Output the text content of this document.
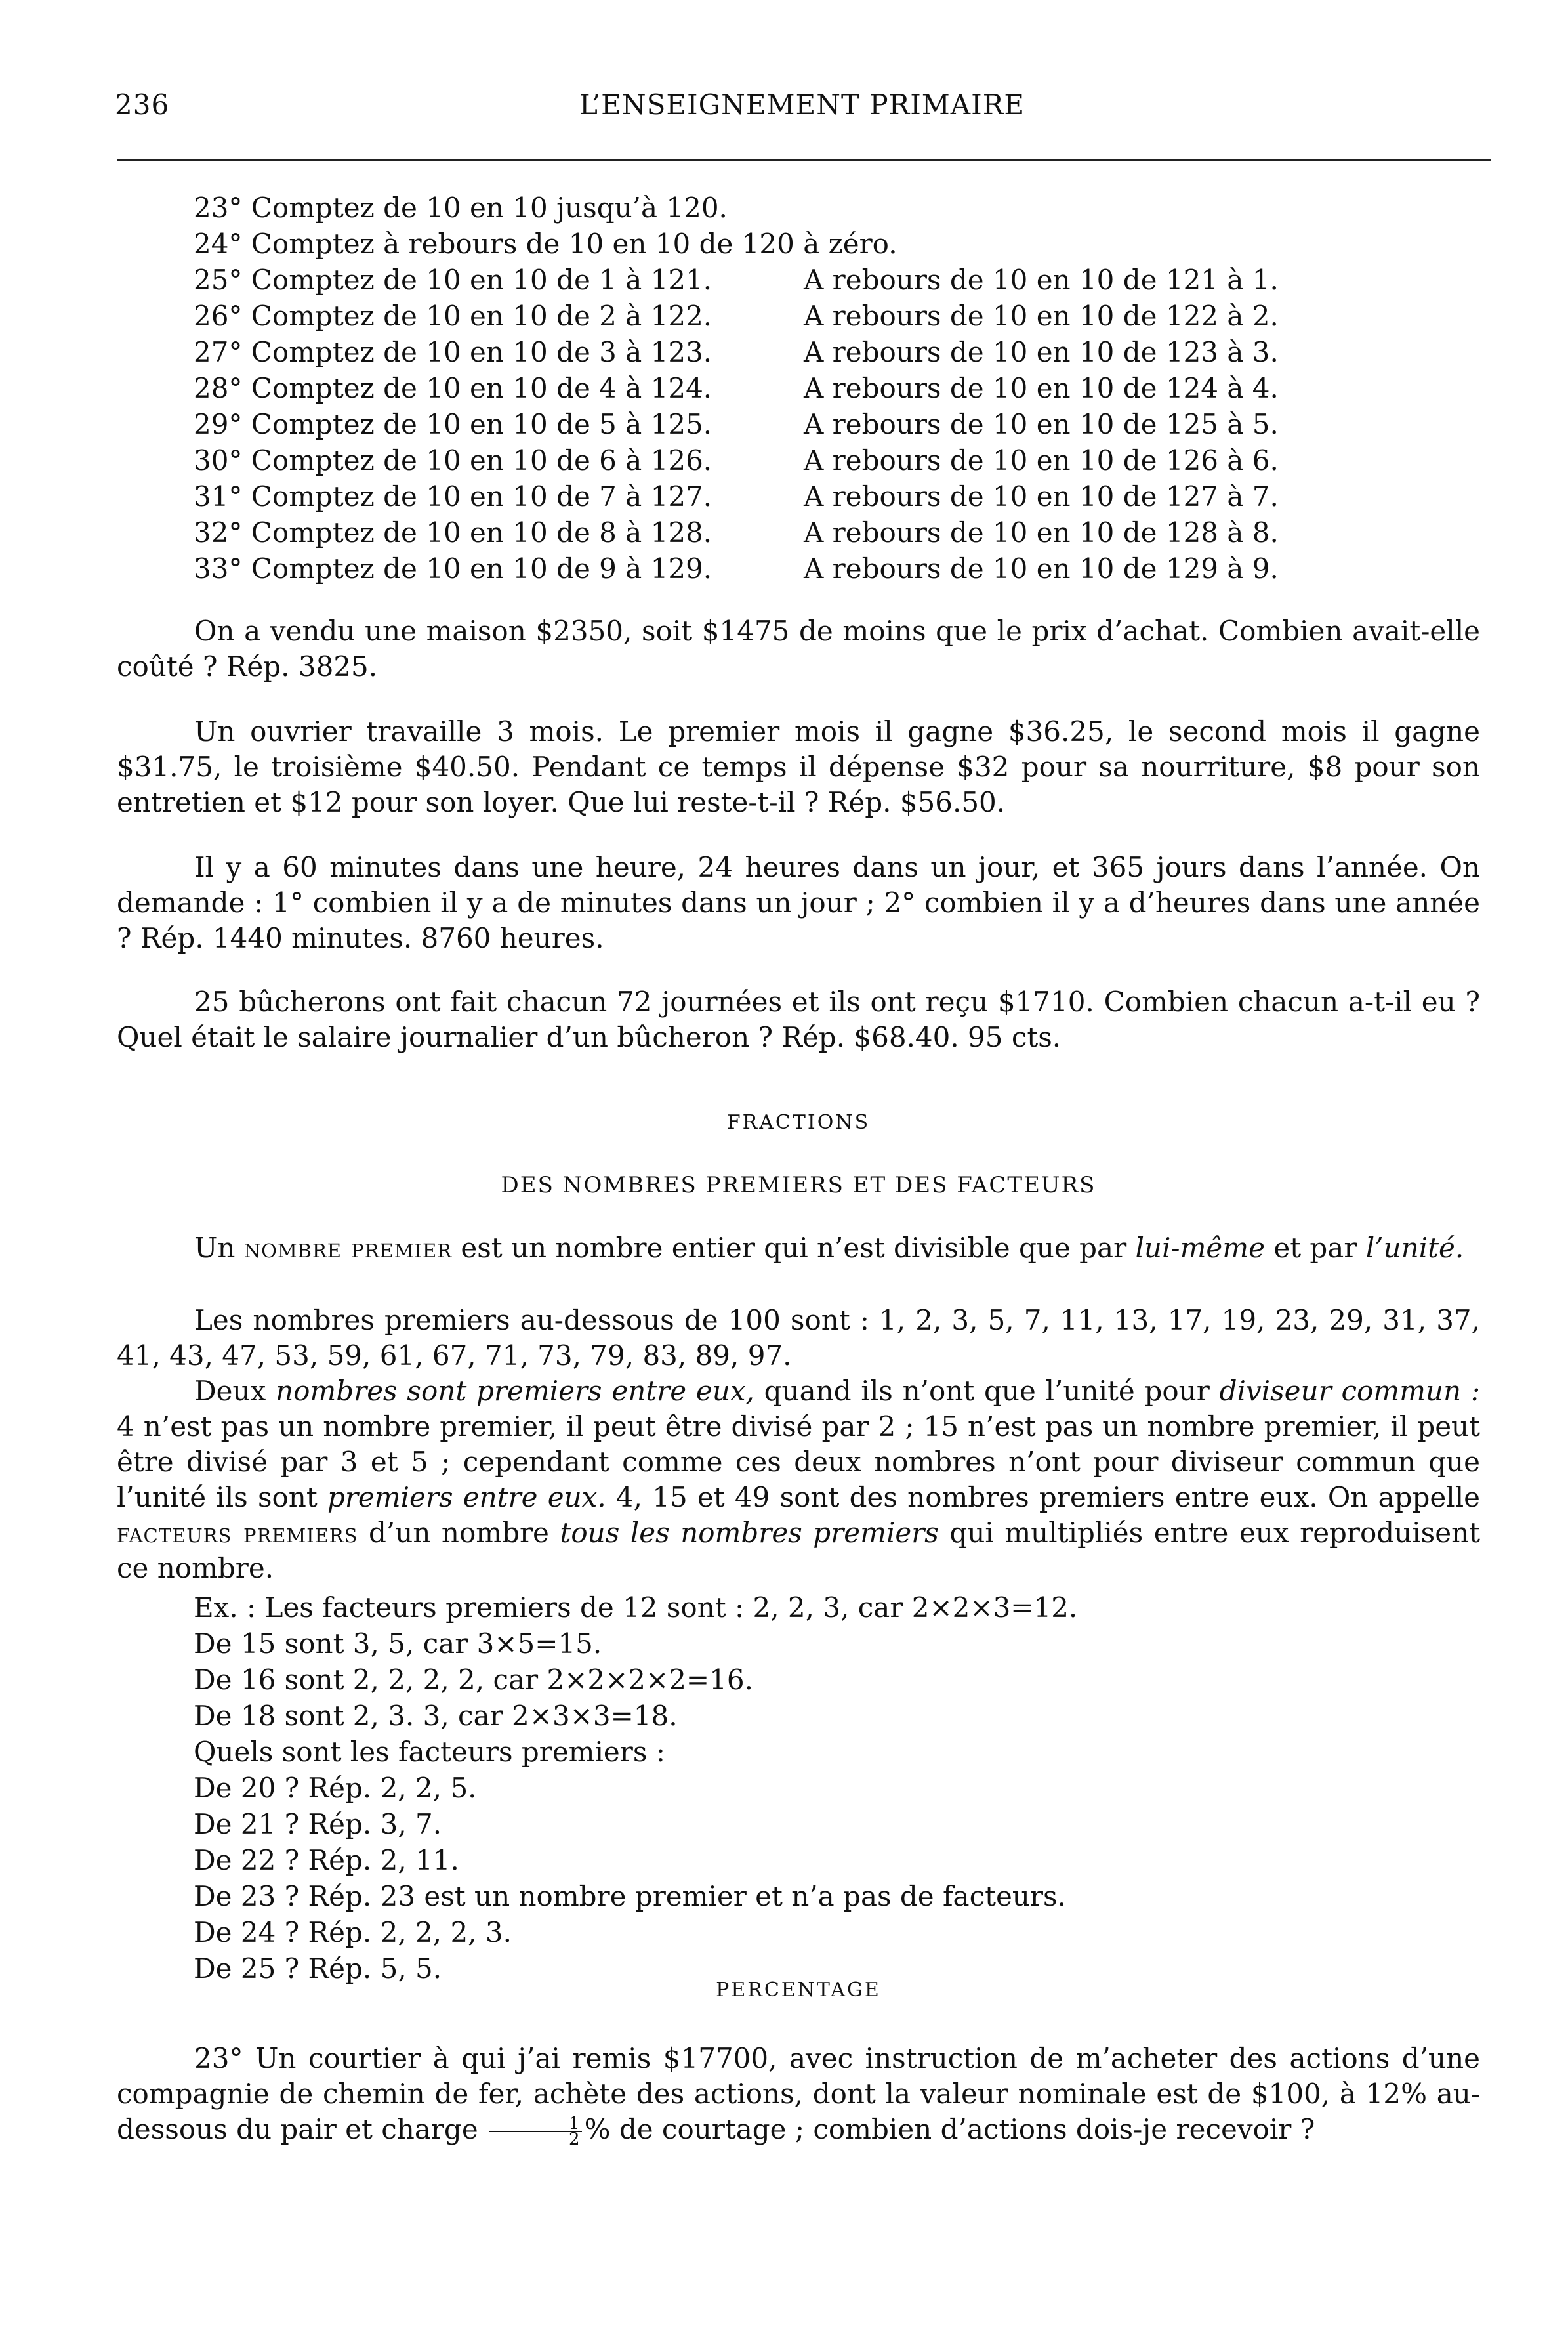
236	L’ENSEIGNEMENT PRIMAIRE
23° Comptez de 10 en 10 jusqu’à 120.
24° Comptez à rebours de 10 en 10 de 120 à zéro.
25° Comptez de 10 en 10 de 1 à 121.	A rebours de 10 en 10 de 121 à 1.
26° Comptez de 10 en 10 de 2 à 122.	A rebours de 10 en 10 de 122 à 2.
27° Comptez de 10 en 10 de 3 à 123.	A rebours de 10 en 10 de 123 à 3.
28° Comptez de 10 en 10 de 4 à 124.	A rebours de 10 en 10 de 124 à 4.
29° Comptez de 10 en 10 de 5 à 125.	A rebours de 10 en 10 de 125 à 5.
30° Comptez de 10 en 10 de 6 à 126.	A rebours de 10 en 10 de 126 à 6.
31° Comptez de 10 en 10 de 7 à 127.	A rebours de 10 en 10 de 127 à 7.
32° Comptez de 10 en 10 de 8 à 128.	A rebours de 10 en 10 de 128 à 8.
33° Comptez de 10 en 10 de 9 à 129.	A rebours de 10 en 10 de 129 à 9.

On a vendu une maison $2350, soit $1475 de moins que le prix d’achat. Combien avait-elle coûté ? Rép. 3825.

Un ouvrier travaille 3 mois. Le premier mois il gagne $36.25, le second mois il gagne $31.75, le troisième $40.50. Pendant ce temps il dépense $32 pour sa nourriture, $8 pour son entretien et $12 pour son loyer. Que lui reste-t-il ? Rép. $56.50.

Il y a 60 minutes dans une heure, 24 heures dans un jour, et 365 jours dans l’année. On demande : 1° combien il y a de minutes dans un jour ; 2° combien il y a d’heures dans une année ? Rép. 1440 minutes. 8760 heures.

25 bûcherons ont fait chacun 72 journées et ils ont reçu $1710. Combien chacun a-t-il eu ? Quel était le salaire journalier d’un bûcheron ? Rép. $68.40. 95 cts.

FRACTIONS
DES NOMBRES PREMIERS ET DES FACTEURS
Un nombre premier est un nombre entier qui n’est divisible que par lui-même et par l’unité.
Les nombres premiers au-dessous de 100 sont : 1, 2, 3, 5, 7, 11, 13, 17, 19, 23, 29, 31, 37, 41, 43, 47, 53, 59, 61, 67, 71, 73, 79, 83, 89, 97.
Deux nombres sont premiers entre eux, quand ils n’ont que l’unité pour diviseur commun : 4 n’est pas un nombre premier, il peut être divisé par 2 ; 15 n’est pas un nombre premier, il peut être divisé par 3 et 5 ; cependant comme ces deux nombres n’ont pour diviseur commun que l’unité ils sont premiers entre eux. 4, 15 et 49 sont des nombres premiers entre eux. On appelle facteurs premiers d’un nombre tous les nombres premiers qui multipliés entre eux reproduisent ce nombre.
Ex. : Les facteurs premiers de 12 sont : 2, 2, 3, car 2×2×3=12.
De 15 sont 3, 5, car 3×5=15.
De 16 sont 2, 2, 2, 2, car 2×2×2×2=16.
De 18 sont 2, 3. 3, car 2×3×3=18.
Quels sont les facteurs premiers :
De 20 ? Rép. 2, 2, 5.
De 21 ? Rép. 3, 7.
De 22 ? Rép. 2, 11.
De 23 ? Rép. 23 est un nombre premier et n’a pas de facteurs.
De 24 ? Rép. 2, 2, 2, 3.
De 25 ? Rép. 5, 5.
PERCENTAGE
23° Un courtier à qui j’ai remis $17700, avec instruction de m’acheter des actions d’une compagnie de chemin de fer, achète des actions, dont la valeur nominale est de $100, à 12% au-dessous du pair et charge $\frac{1}{2}$ % de courtage ; combien d’actions dois-je recevoir ?
